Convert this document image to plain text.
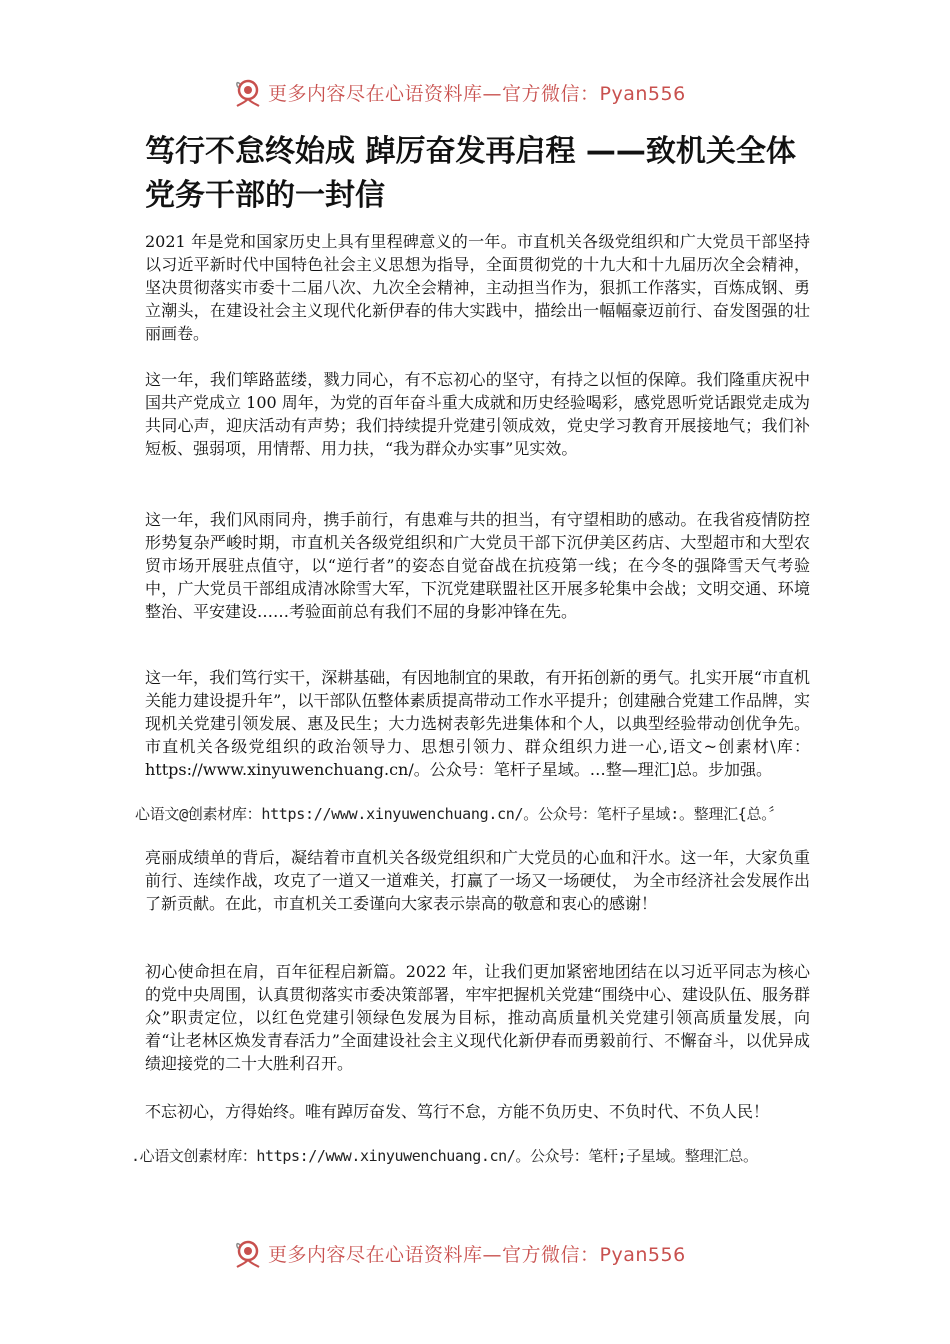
更多内容尽在心语资料库—官方微信：Pyan556
笃行不怠终始成 踔厉奋发再启程 ——致机关全体党务干部的一封信

2021 年是党和国家历史上具有里程碑意义的一年。市直机关各级党组织和广大党员干部坚持以习近平新时代中国特色社会主义思想为指导，全面贯彻党的十九大和十九届历次全会精神，坚决贯彻落实市委十二届八次、九次全会精神，主动担当作为，狠抓工作落实，百炼成钢、勇立潮头，在建设社会主义现代化新伊春的伟大实践中，描绘出一幅幅豪迈前行、奋发图强的壮丽画卷。

这一年，我们筚路蓝缕，戮力同心，有不忘初心的坚守，有持之以恒的保障。我们隆重庆祝中国共产党成立 100 周年，为党的百年奋斗重大成就和历史经验喝彩，感党恩听党话跟党走成为共同心声，迎庆活动有声势；我们持续提升党建引领成效，党史学习教育开展接地气；我们补短板、强弱项，用情帮、用力扶，“我为群众办实事”见实效。

这一年，我们风雨同舟，携手前行，有患难与共的担当，有守望相助的感动。在我省疫情防控形势复杂严峻时期，市直机关各级党组织和广大党员干部下沉伊美区药店、大型超市和大型农贸市场开展驻点值守，以“逆行者”的姿态自觉奋战在抗疫第一线；在今冬的强降雪天气考验中，广大党员干部组成清冰除雪大军，下沉党建联盟社区开展多轮集中会战；文明交通、环境整治、平安建设……考验面前总有我们不屈的身影冲锋在先。

这一年，我们笃行实干，深耕基础，有因地制宜的果敢，有开拓创新的勇气。扎实开展“市直机关能力建设提升年”，以干部队伍整体素质提高带动工作水平提升；创建融合党建工作品牌，实现机关党建引领发展、惠及民生；大力选树表彰先进集体和个人，以典型经验带动创优争先。市直机关各级党组织的政治领导力、思想引领力、群众组织力进一心,语文~创素材\库：https://www.xinyuwenchuang.cn/。公众号：笔杆子星域。…整—理汇]总。步加强。

心语文@创素材库：https://www.xinyuwenchuang.cn/。公众号：笔杆子星域:。整理汇{总。〞

亮丽成绩单的背后，凝结着市直机关各级党组织和广大党员的心血和汗水。这一年，大家负重前行、连续作战，攻克了一道又一道难关，打赢了一场又一场硬仗， 为全市经济社会发展作出了新贡献。在此，市直机关工委谨向大家表示崇高的敬意和衷心的感谢！

初心使命担在肩，百年征程启新篇。2022 年，让我们更加紧密地团结在以习近平同志为核心的党中央周围，认真贯彻落实市委决策部署，牢牢把握机关党建“围绕中心、建设队伍、服务群众”职责定位，以红色党建引领绿色发展为目标，推动高质量机关党建引领高质量发展，向着“让老林区焕发青春活力”全面建设社会主义现代化新伊春而勇毅前行、不懈奋斗，以优异成绩迎接党的二十大胜利召开。

不忘初心，方得始终。唯有踔厉奋发、笃行不怠，方能不负历史、不负时代、不负人民！

.心语文创素材库：https://www.xinyuwenchuang.cn/。公众号：笔杆;子星域。整理汇总。

更多内容尽在心语资料库—官方微信：Pyan556
